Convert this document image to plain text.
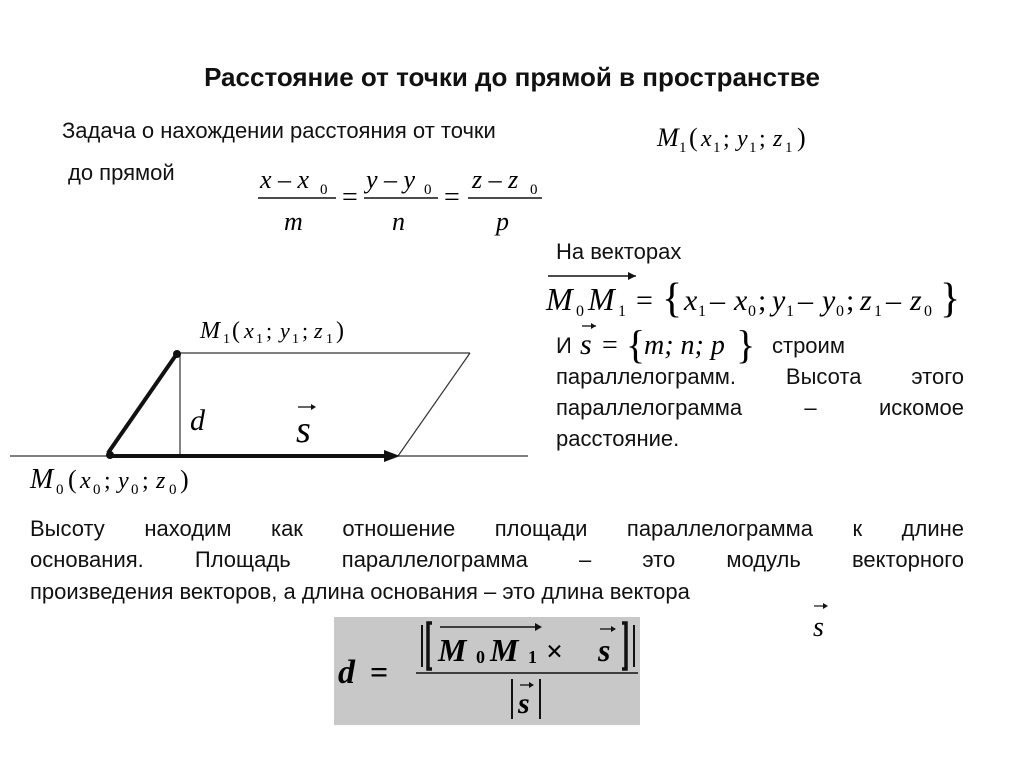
Расстояние от точки до прямой в пространстве
Задача о нахождении расстояния от точки
до прямой
M 1 ( x 1 ; y 1 ; z 1 )
x – x 0
m
=
y – y 0
n
=
z – z 0
p
На векторах
M 0 M 1 = { x 1 – x 0 ; y 1 – y 0 ; z 1 – z 0 }
И s = {
m; n; p } строим
параллелограмм. Высота этого
параллелограмма – искомое
расстояние.
d s
M 1 ( x 1 ; y 1 ; z 1 )
M 0 ( x 0 ; y 0 ; z 0 )
Высоту находим как отношение площади параллелограмма к длине
основания. Площадь параллелограмма – это модуль векторного
произведения векторов, а длина основания – это длина вектора
s
d =
M 0 M 1 × s
s
